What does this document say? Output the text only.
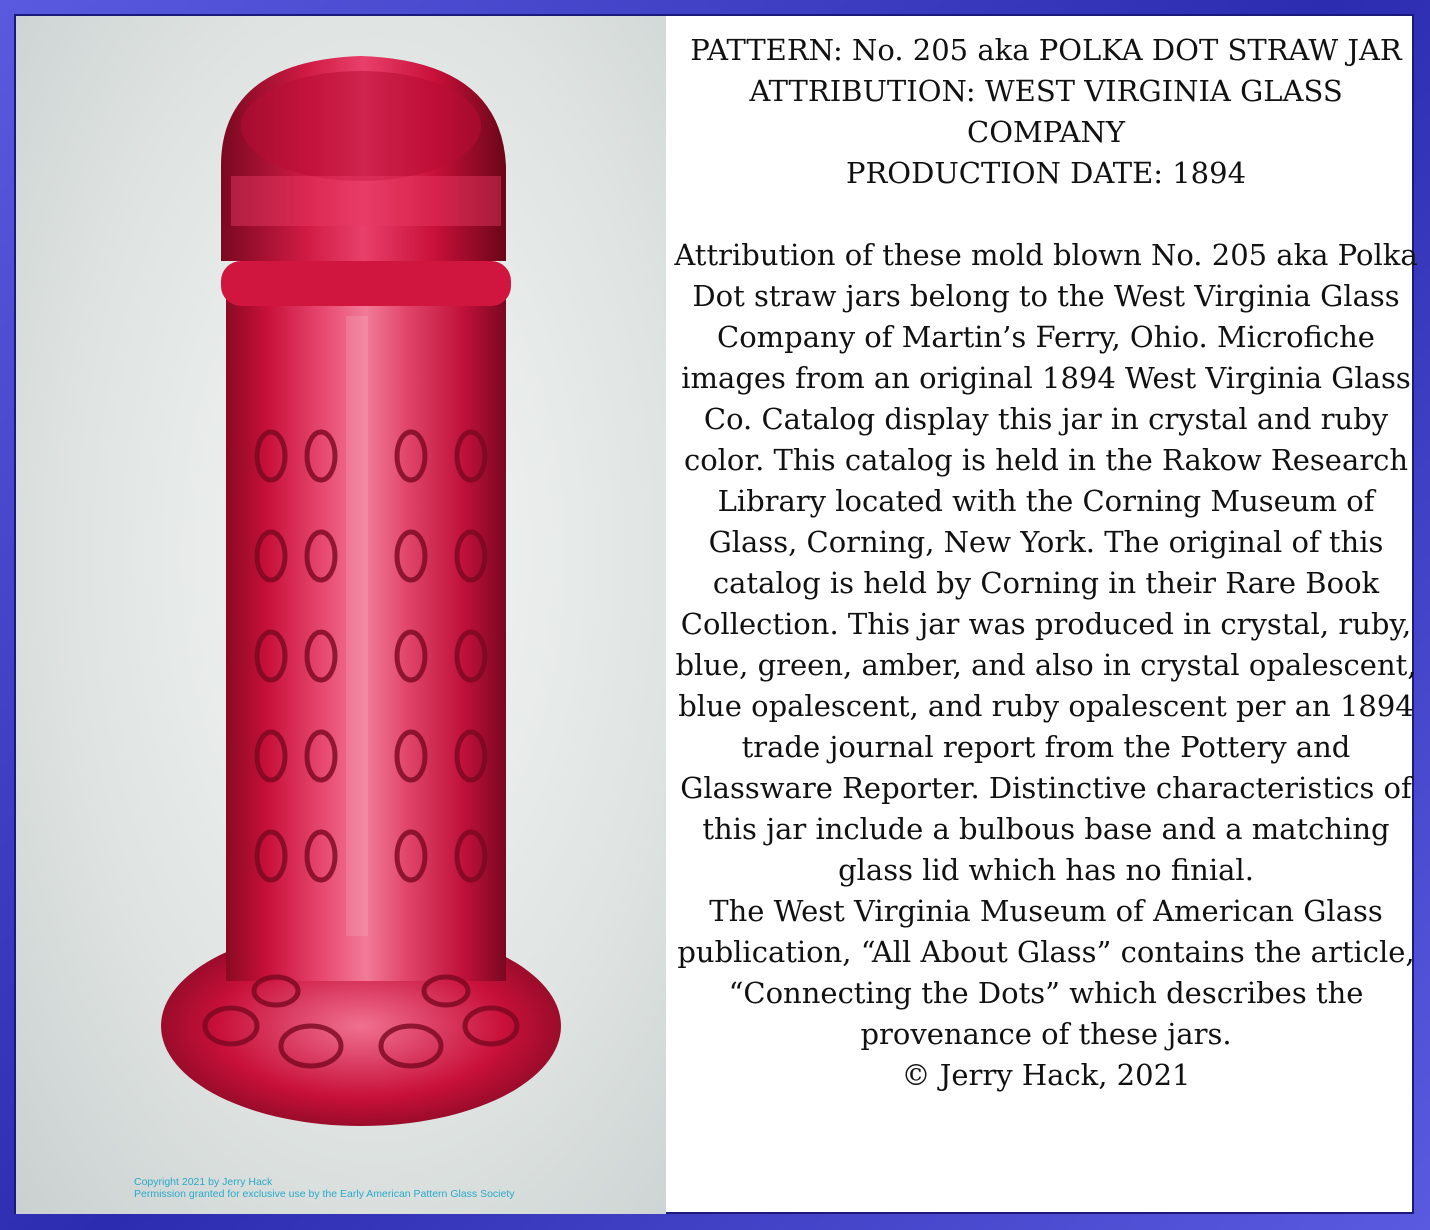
Copyright 2021 by Jerry Hack
Permission granted for exclusive use by the Early American Pattern Glass Society

PATTERN: No. 205 aka POLKA DOT STRAW JAR

ATTRIBUTION: WEST VIRGINIA GLASS COMPANY

PRODUCTION DATE: 1894

Attribution of these mold blown No. 205 aka Polka Dot straw jars belong to the West Virginia Glass Company of Martin’s Ferry, Ohio. Microfiche images from an original 1894 West Virginia Glass Co. Catalog display this jar in crystal and ruby color. This catalog is held in the Rakow Research Library located with the Corning Museum of Glass, Corning, New York. The original of this catalog is held by Corning in their Rare Book Collection. This jar was produced in crystal, ruby, blue, green, amber, and also in crystal opalescent, blue opalescent, and ruby opalescent per an 1894 trade journal report from the Pottery and Glassware Reporter. Distinctive characteristics of this jar include a bulbous base and a matching glass lid which has no finial.

The West Virginia Museum of American Glass publication, “All About Glass” contains the article, “Connecting the Dots” which describes the provenance of these jars.

© Jerry Hack, 2021
